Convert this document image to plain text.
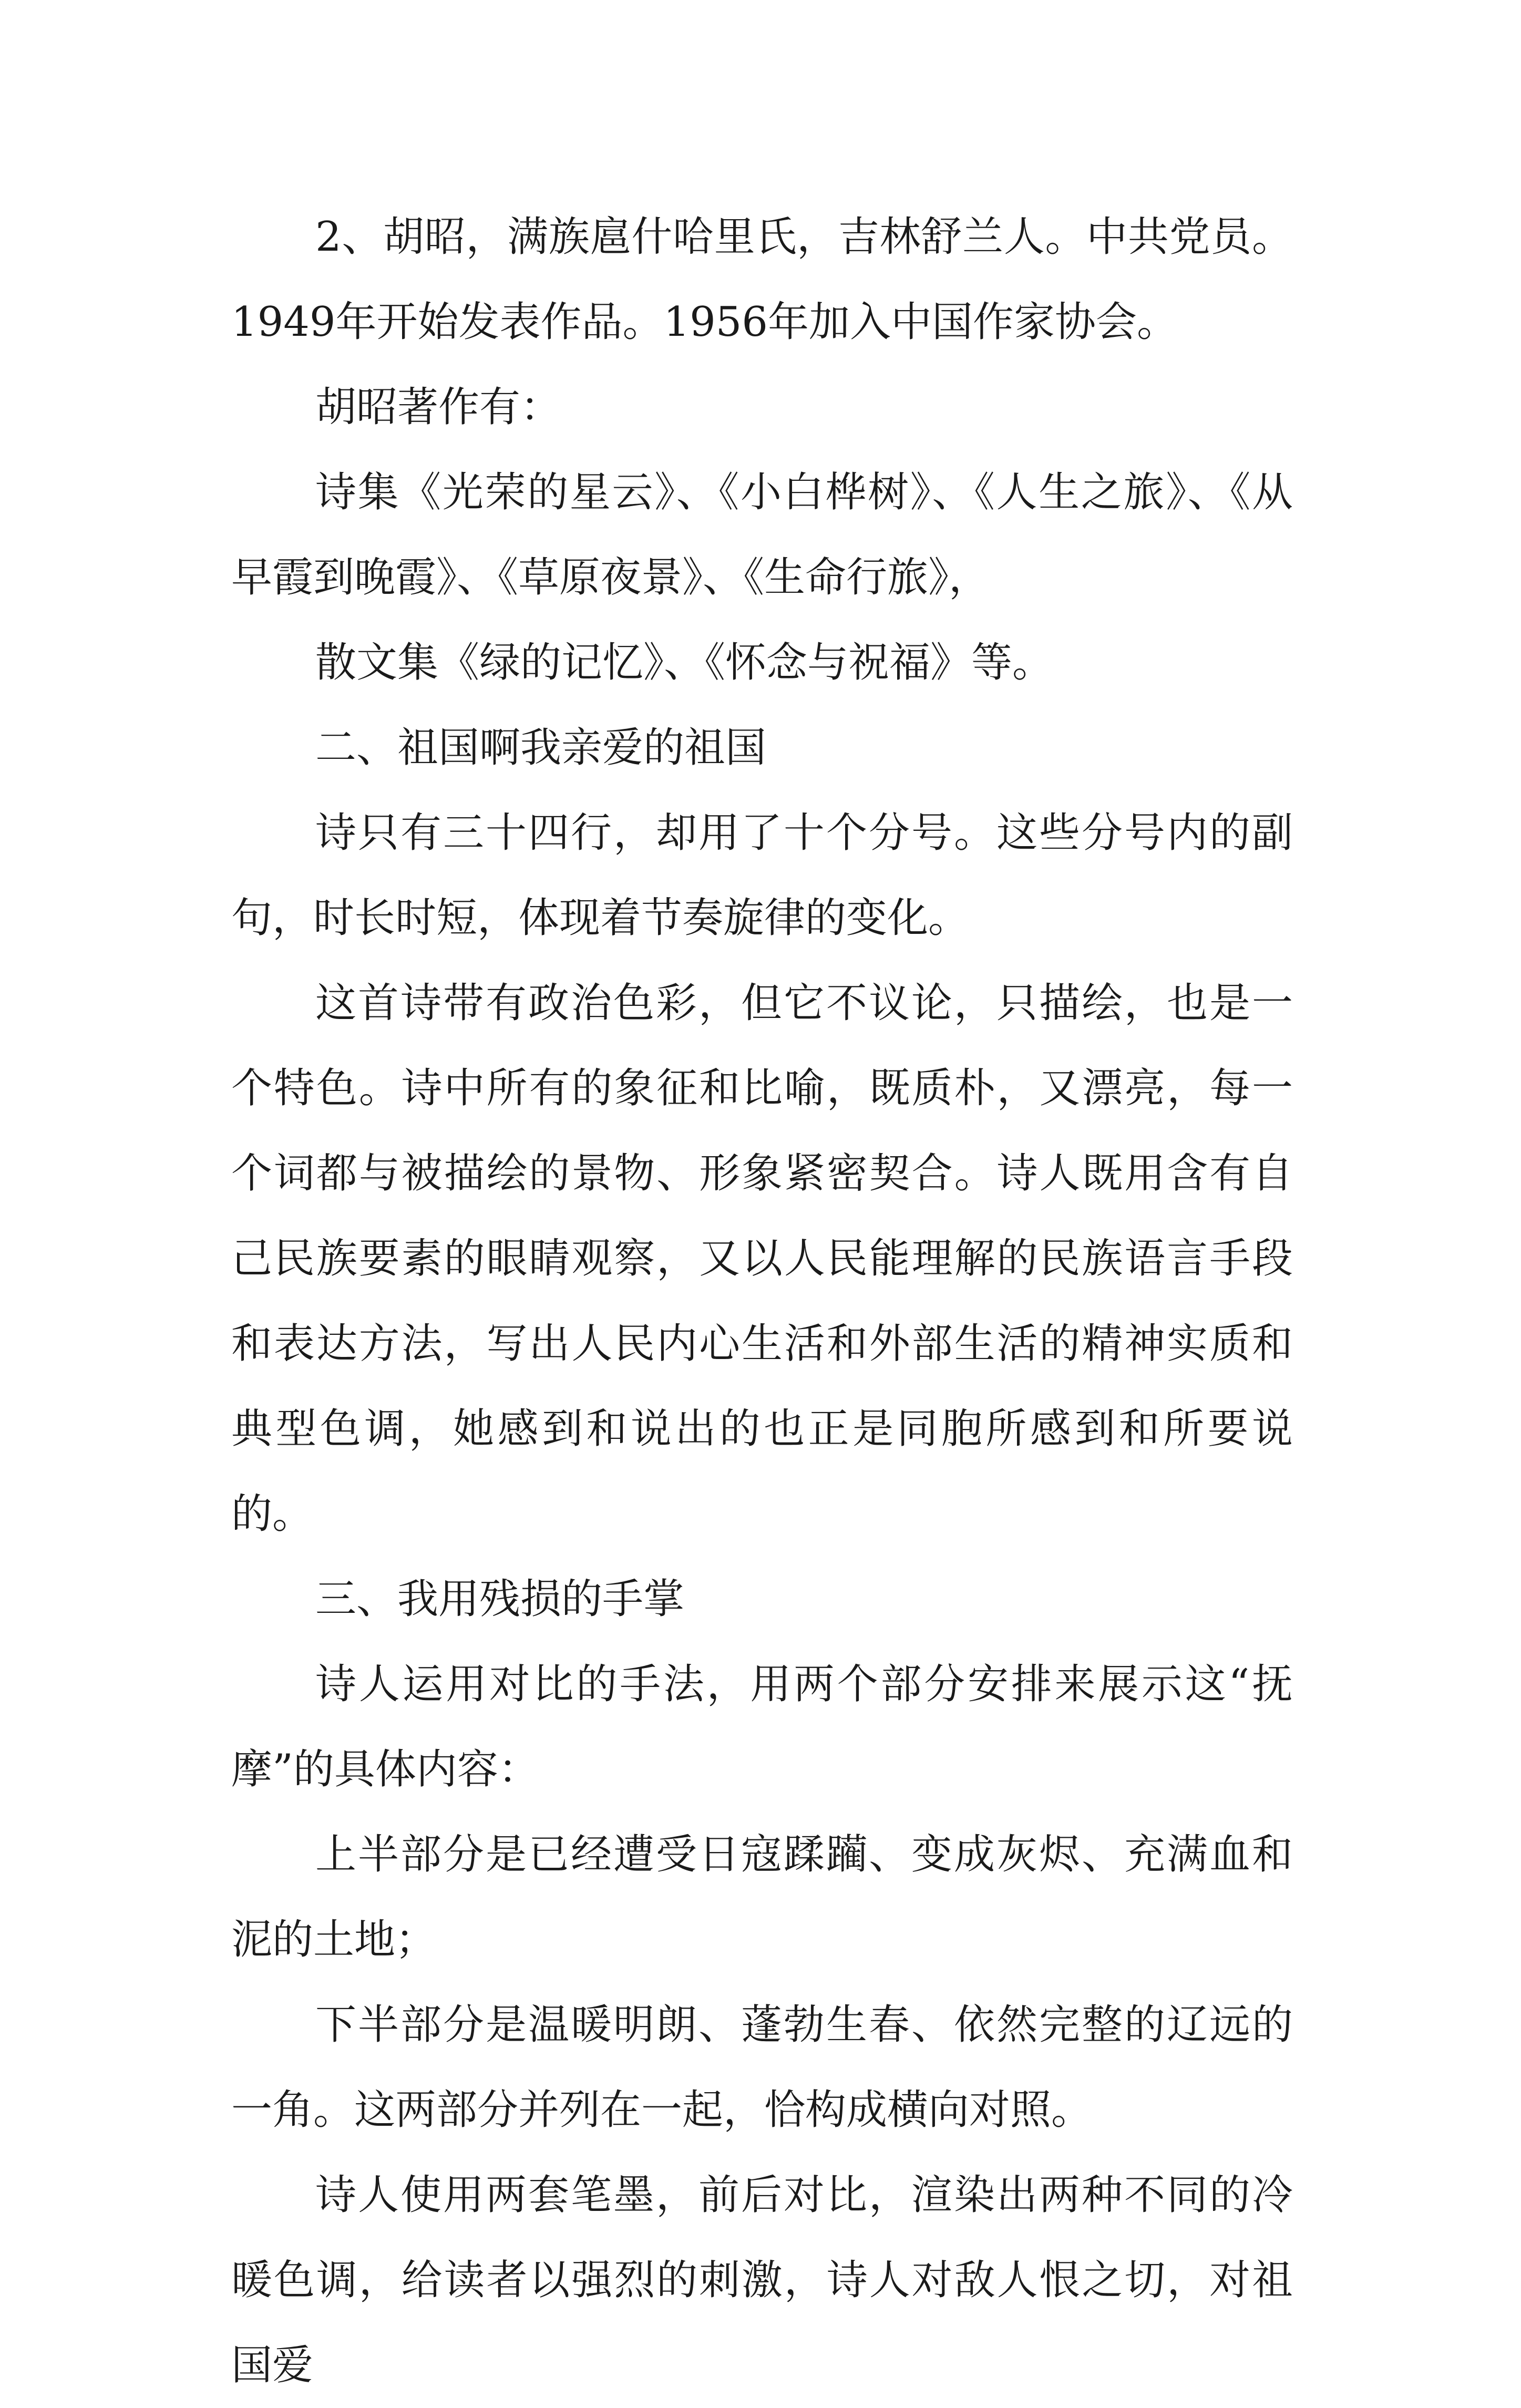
2、胡昭，满族扈什哈里氏，吉林舒兰人。中共党员。1949年开始发表作品。1956年加入中国作家协会。

胡昭著作有：

诗集《光荣的星云》、《小白桦树》、《人生之旅》、《从早霞到晚霞》、《草原夜景》、《生命行旅》，

散文集《绿的记忆》、《怀念与祝福》等。

二、祖国啊我亲爱的祖国

诗只有三十四行，却用了十个分号。这些分号内的副句，时长时短，体现着节奏旋律的变化。

这首诗带有政治色彩，但它不议论，只描绘，也是一个特色。诗中所有的象征和比喻，既质朴，又漂亮，每一个词都与被描绘的景物、形象紧密契合。诗人既用含有自己民族要素的眼睛观察，又以人民能理解的民族语言手段和表达方法，写出人民内心生活和外部生活的精神实质和典型色调，她感到和说出的也正是同胞所感到和所要说的。

三、我用残损的手掌

诗人运用对比的手法，用两个部分安排来展示这“抚摩”的具体内容：

上半部分是已经遭受日寇蹂躏、变成灰烬、充满血和泥的土地；

下半部分是温暖明朗、蓬勃生春、依然完整的辽远的一角。这两部分并列在一起，恰构成横向对照。

诗人使用两套笔墨，前后对比，渲染出两种不同的冷暖色调，给读者以强烈的刺激，诗人对敌人恨之切，对祖国爱
